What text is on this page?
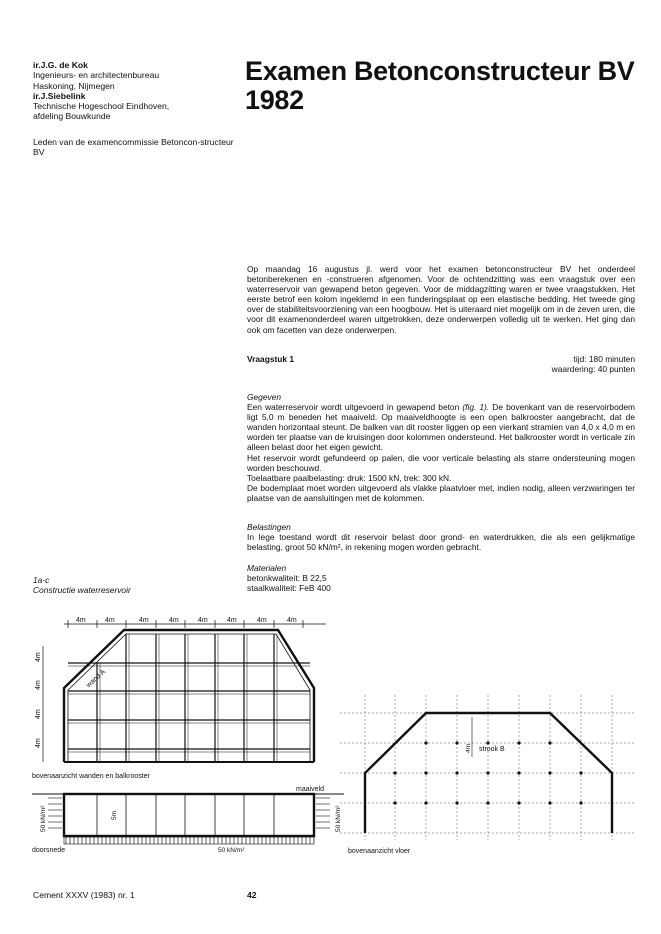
ir.J.G. de Kok
Ingenieurs- en architectenbureau
Haskoning, Nijmegen
ir.J.Siebelink
Technische Hogeschool Eindhoven,
afdeling Bouwkunde
Leden van de examencommissie Betoncon-structeur BV
Examen Betonconstructeur BV
1982
Op maandag 16 augustus jl. werd voor het examen betonconstructeur BV het onderdeel betonberekenen en -construeren afgenomen. Voor de ochtendzitting was een vraagstuk over een waterreservoir van gewapend beton gegeven. Voor de middagzitting waren er twee vraagstukken. Het eerste betrof een kolom ingeklemd in een funderingsplaat op een elastische bedding. Het tweede ging over de stabiliteitsvoorziening van een hoogbouw. Het is uiteraard niet mogelijk om in de zeven uren, die voor dit examenonderdeel waren uitgetrokken, deze onderwerpen volledig uit te werken. Het ging dan ook om facetten van deze onderwerpen.
Vraagstuk 1	tijd: 180 minuten
waardering: 40 punten
Gegeven
Een waterreservoir wordt uitgevoerd in gewapend beton (fig. 1). De bovenkant van de reservoirbodem ligt 5,0 m beneden het maaiveld. Op maaiveldhoogte is een open balkrooster aangebracht, dat de wanden horizontaal steunt. De balken van dit rooster liggen op een vierkant stramien van 4,0 x 4,0 m en worden ter plaatse van de kruisingen door kolommen ondersteund. Het balkrooster wordt in verticale zin alleen belast door het eigen gewicht.
Het reservoir wordt gefundeerd op palen, die voor verticale belasting als starre ondersteuning mogen worden beschouwd.
Toelaatbare paalbelasting: druk: 1500 kN, trek: 300 kN.
De bodemplaat moet worden uitgevoerd als vlakke plaatvloer met, indien nodig, alleen verzwaringen ter plaatse van de aansluitingen met de kolommen.
Belastingen
In lege toestand wordt dit reservoir belast door grond- en waterdrukken, die als een gelijkmatige belasting, groot 50 kN/m², in rekening mogen worden gebracht.
Materialen
betonkwaliteit: B 22,5
staalkwaliteit: FeB 400
1a-c
Constructie waterreservoir
4m	4m	4m	4m	4m	4m	4m	4m
4m
4m
4m
4m
wand A
bovenaanzicht wanden en balkrooster
maaiveld
50 kN/m²	50 kN/m²
5m
50 kN/m²
doorsnede
4m strook B
bovenaanzicht vloer
Cement XXXV (1983) nr. 1	42
